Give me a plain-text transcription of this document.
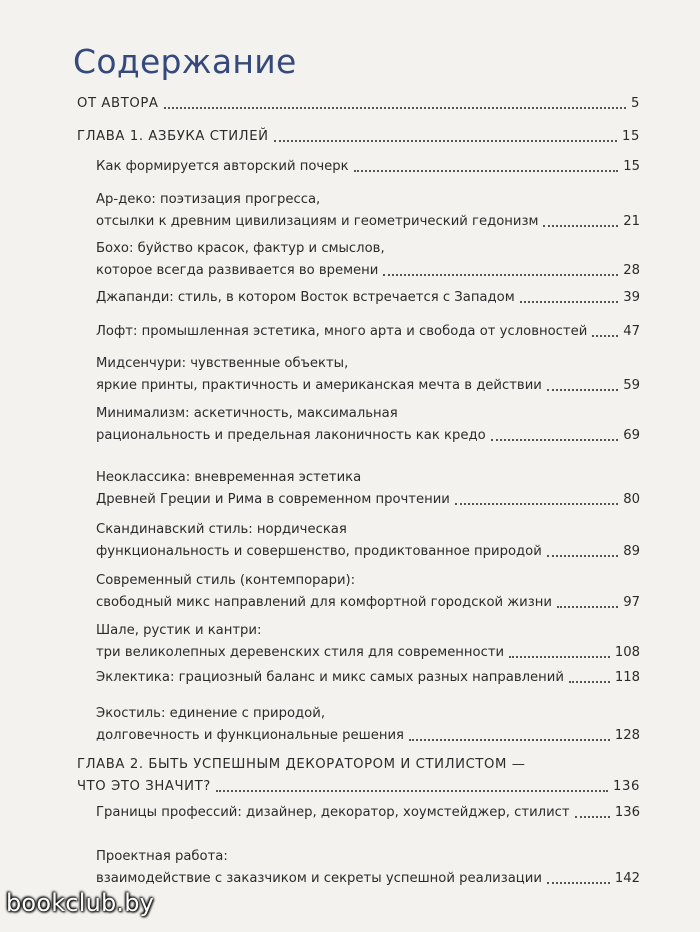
Содержание
ОТ АВТОРА	5
ГЛАВА 1. АЗБУКА СТИЛЕЙ	15
Как формируется авторский почерк	15
Ар-деко: поэтизация прогресса,
отсылки к древним цивилизациям и геометрический гедонизм	21
Бохо: буйство красок, фактур и смыслов,
которое всегда развивается во времени	28
Джапанди: стиль, в котором Восток встречается с Западом	39
Лофт: промышленная эстетика, много арта и свобода от условностей	47
Мидсенчури: чувственные объекты,
яркие принты, практичность и американская мечта в действии	59
Минимализм: аскетичность, максимальная
рациональность и предельная лаконичность как кредо	69
Неоклассика: вневременная эстетика
Древней Греции и Рима в современном прочтении	80
Скандинавский стиль: нордическая
функциональность и совершенство, продиктованное природой	89
Современный стиль (контемпорари):
свободный микс направлений для комфортной городской жизни	97
Шале, рустик и кантри:
три великолепных деревенских стиля для современности	108
Эклектика: грациозный баланс и микс самых разных направлений	118
Экостиль: единение с природой,
долговечность и функциональные решения	128
ГЛАВА 2. БЫТЬ УСПЕШНЫМ ДЕКОРАТОРОМ И СТИЛИСТОМ —
ЧТО ЭТО ЗНАЧИТ?	136
Границы профессий: дизайнер, декоратор, хоумстейджер, стилист	136
Проектная работа:
взаимодействие с заказчиком и секреты успешной реализации	142
bookclub.by
